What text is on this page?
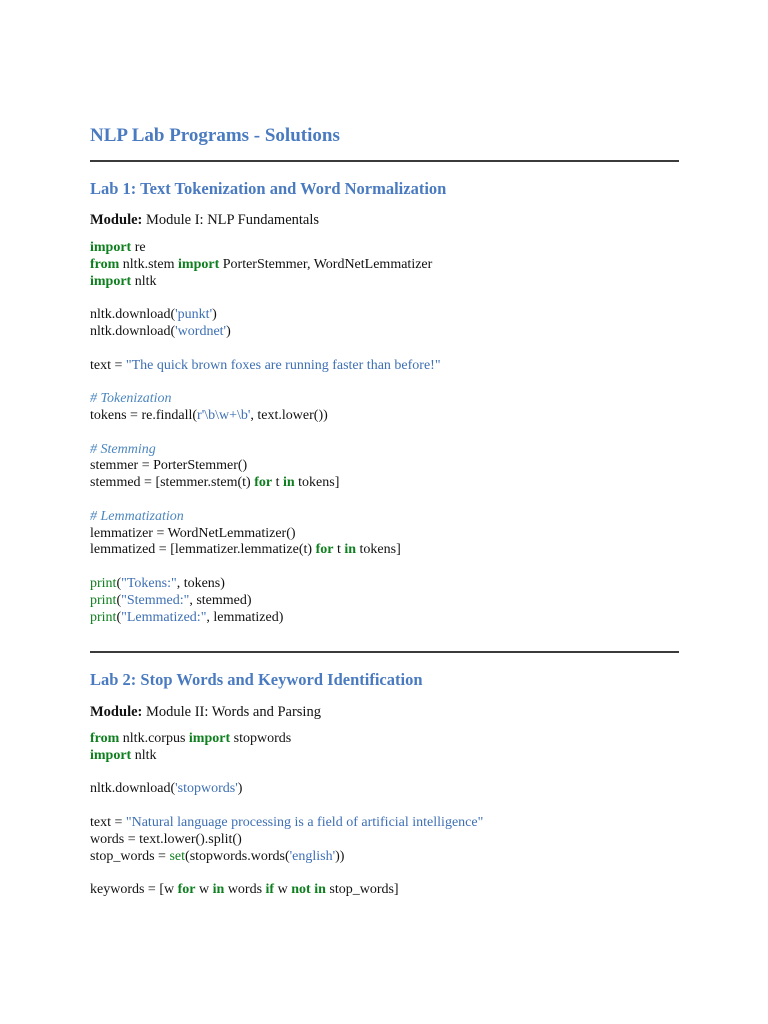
NLP Lab Programs - Solutions
Lab 1: Text Tokenization and Word Normalization
Module: Module I: NLP Fundamentals
import re
from nltk.stem import PorterStemmer, WordNetLemmatizer
import nltk
nltk.download('punkt')
nltk.download('wordnet')
text = "The quick brown foxes are running faster than before!"
# Tokenization
tokens = re.findall(r'\b\w+\b', text.lower())
# Stemming
stemmer = PorterStemmer()
stemmed = [stemmer.stem(t) for t in tokens]
# Lemmatization
lemmatizer = WordNetLemmatizer()
lemmatized = [lemmatizer.lemmatize(t) for t in tokens]
print("Tokens:", tokens)
print("Stemmed:", stemmed)
print("Lemmatized:", lemmatized)
Lab 2: Stop Words and Keyword Identification
Module: Module II: Words and Parsing
from nltk.corpus import stopwords
import nltk
nltk.download('stopwords')
text = "Natural language processing is a field of artificial intelligence"
words = text.lower().split()
stop_words = set(stopwords.words('english'))
keywords = [w for w in words if w not in stop_words]
